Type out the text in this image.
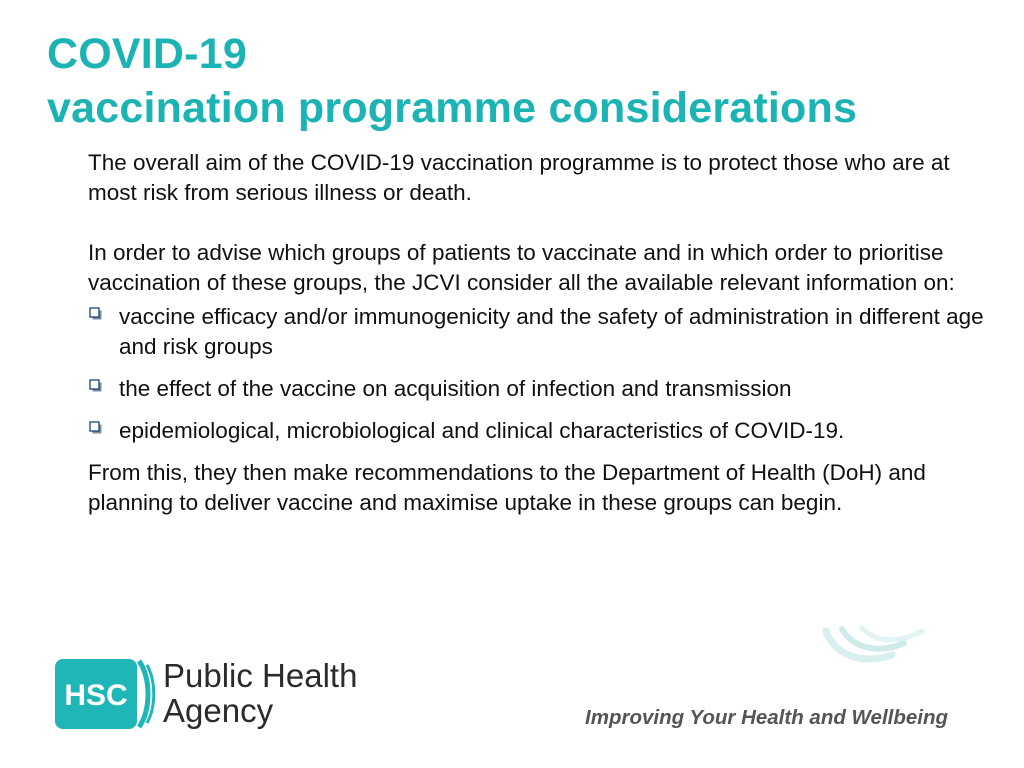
COVID-19
vaccination programme considerations

The overall aim of the COVID-19 vaccination programme is to protect those who are at most risk from serious illness or death.

In order to advise which groups of patients to vaccinate and in which order to prioritise vaccination of these groups, the JCVI consider all the available relevant information on:

vaccine efficacy and/or immunogenicity and the safety of administration in different age and risk groups
the effect of the vaccine on acquisition of infection and transmission
epidemiological, microbiological and clinical characteristics of COVID-19.

From this, they then make recommendations to the Department of Health (DoH) and planning to deliver vaccine and maximise uptake in these groups can begin.

HSC
Public Health
Agency	Improving Your Health and Wellbeing
